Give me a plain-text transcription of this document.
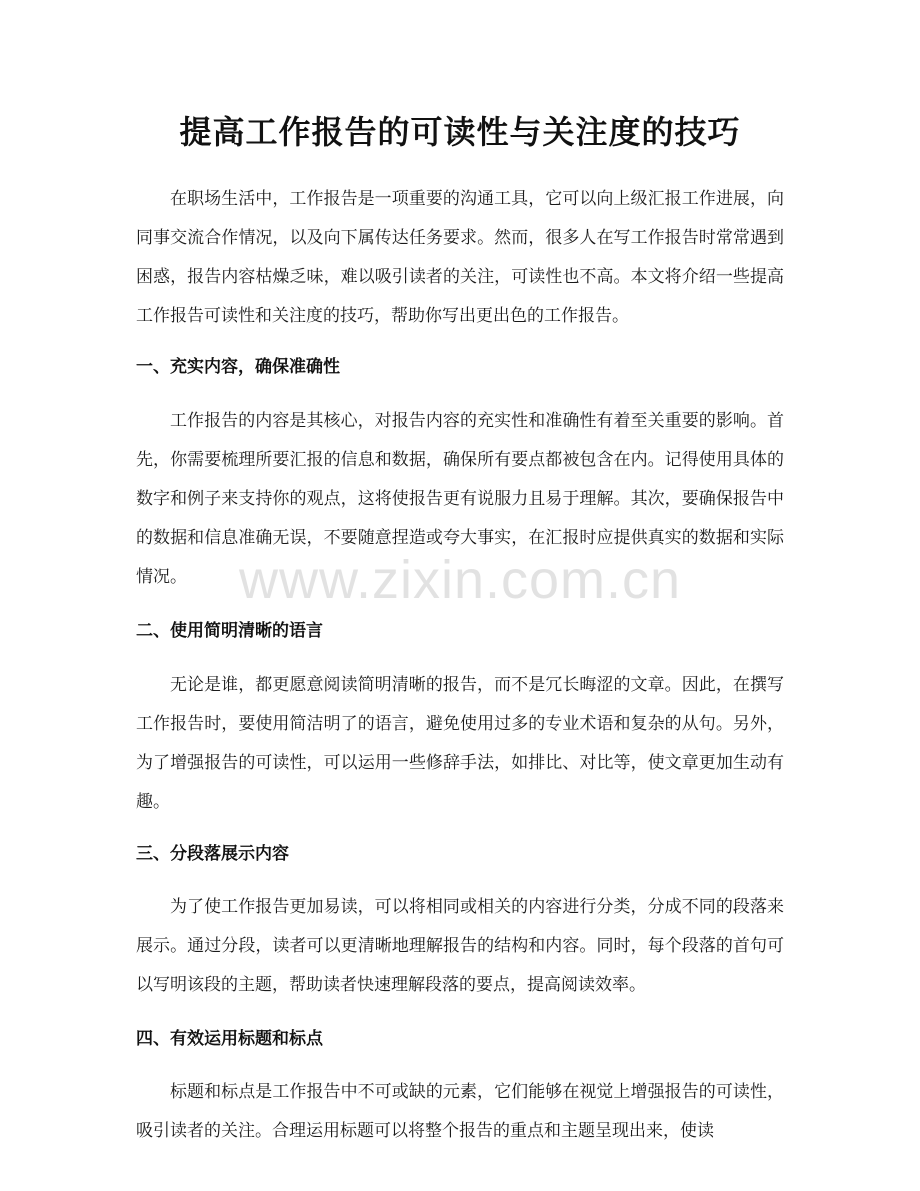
提高工作报告的可读性与关注度的技巧

在职场生活中，工作报告是一项重要的沟通工具，它可以向上级汇报工作进展，向同事交流合作情况，以及向下属传达任务要求。然而，很多人在写工作报告时常常遇到困惑，报告内容枯燥乏味，难以吸引读者的关注，可读性也不高。本文将介绍一些提高工作报告可读性和关注度的技巧，帮助你写出更出色的工作报告。

一、充实内容，确保准确性

工作报告的内容是其核心，对报告内容的充实性和准确性有着至关重要的影响。首先，你需要梳理所要汇报的信息和数据，确保所有要点都被包含在内。记得使用具体的数字和例子来支持你的观点，这将使报告更有说服力且易于理解。其次，要确保报告中的数据和信息准确无误，不要随意捏造或夸大事实，在汇报时应提供真实的数据和实际情况。

二、使用简明清晰的语言

无论是谁，都更愿意阅读简明清晰的报告，而不是冗长晦涩的文章。因此，在撰写工作报告时，要使用简洁明了的语言，避免使用过多的专业术语和复杂的从句。另外，为了增强报告的可读性，可以运用一些修辞手法，如排比、对比等，使文章更加生动有趣。

三、分段落展示内容

为了使工作报告更加易读，可以将相同或相关的内容进行分类，分成不同的段落来展示。通过分段，读者可以更清晰地理解报告的结构和内容。同时，每个段落的首句可以写明该段的主题，帮助读者快速理解段落的要点，提高阅读效率。

四、有效运用标题和标点

标题和标点是工作报告中不可或缺的元素，它们能够在视觉上增强报告的可读性，吸引读者的关注。合理运用标题可以将整个报告的重点和主题呈现出来，使读

www.zixin.com.cn
